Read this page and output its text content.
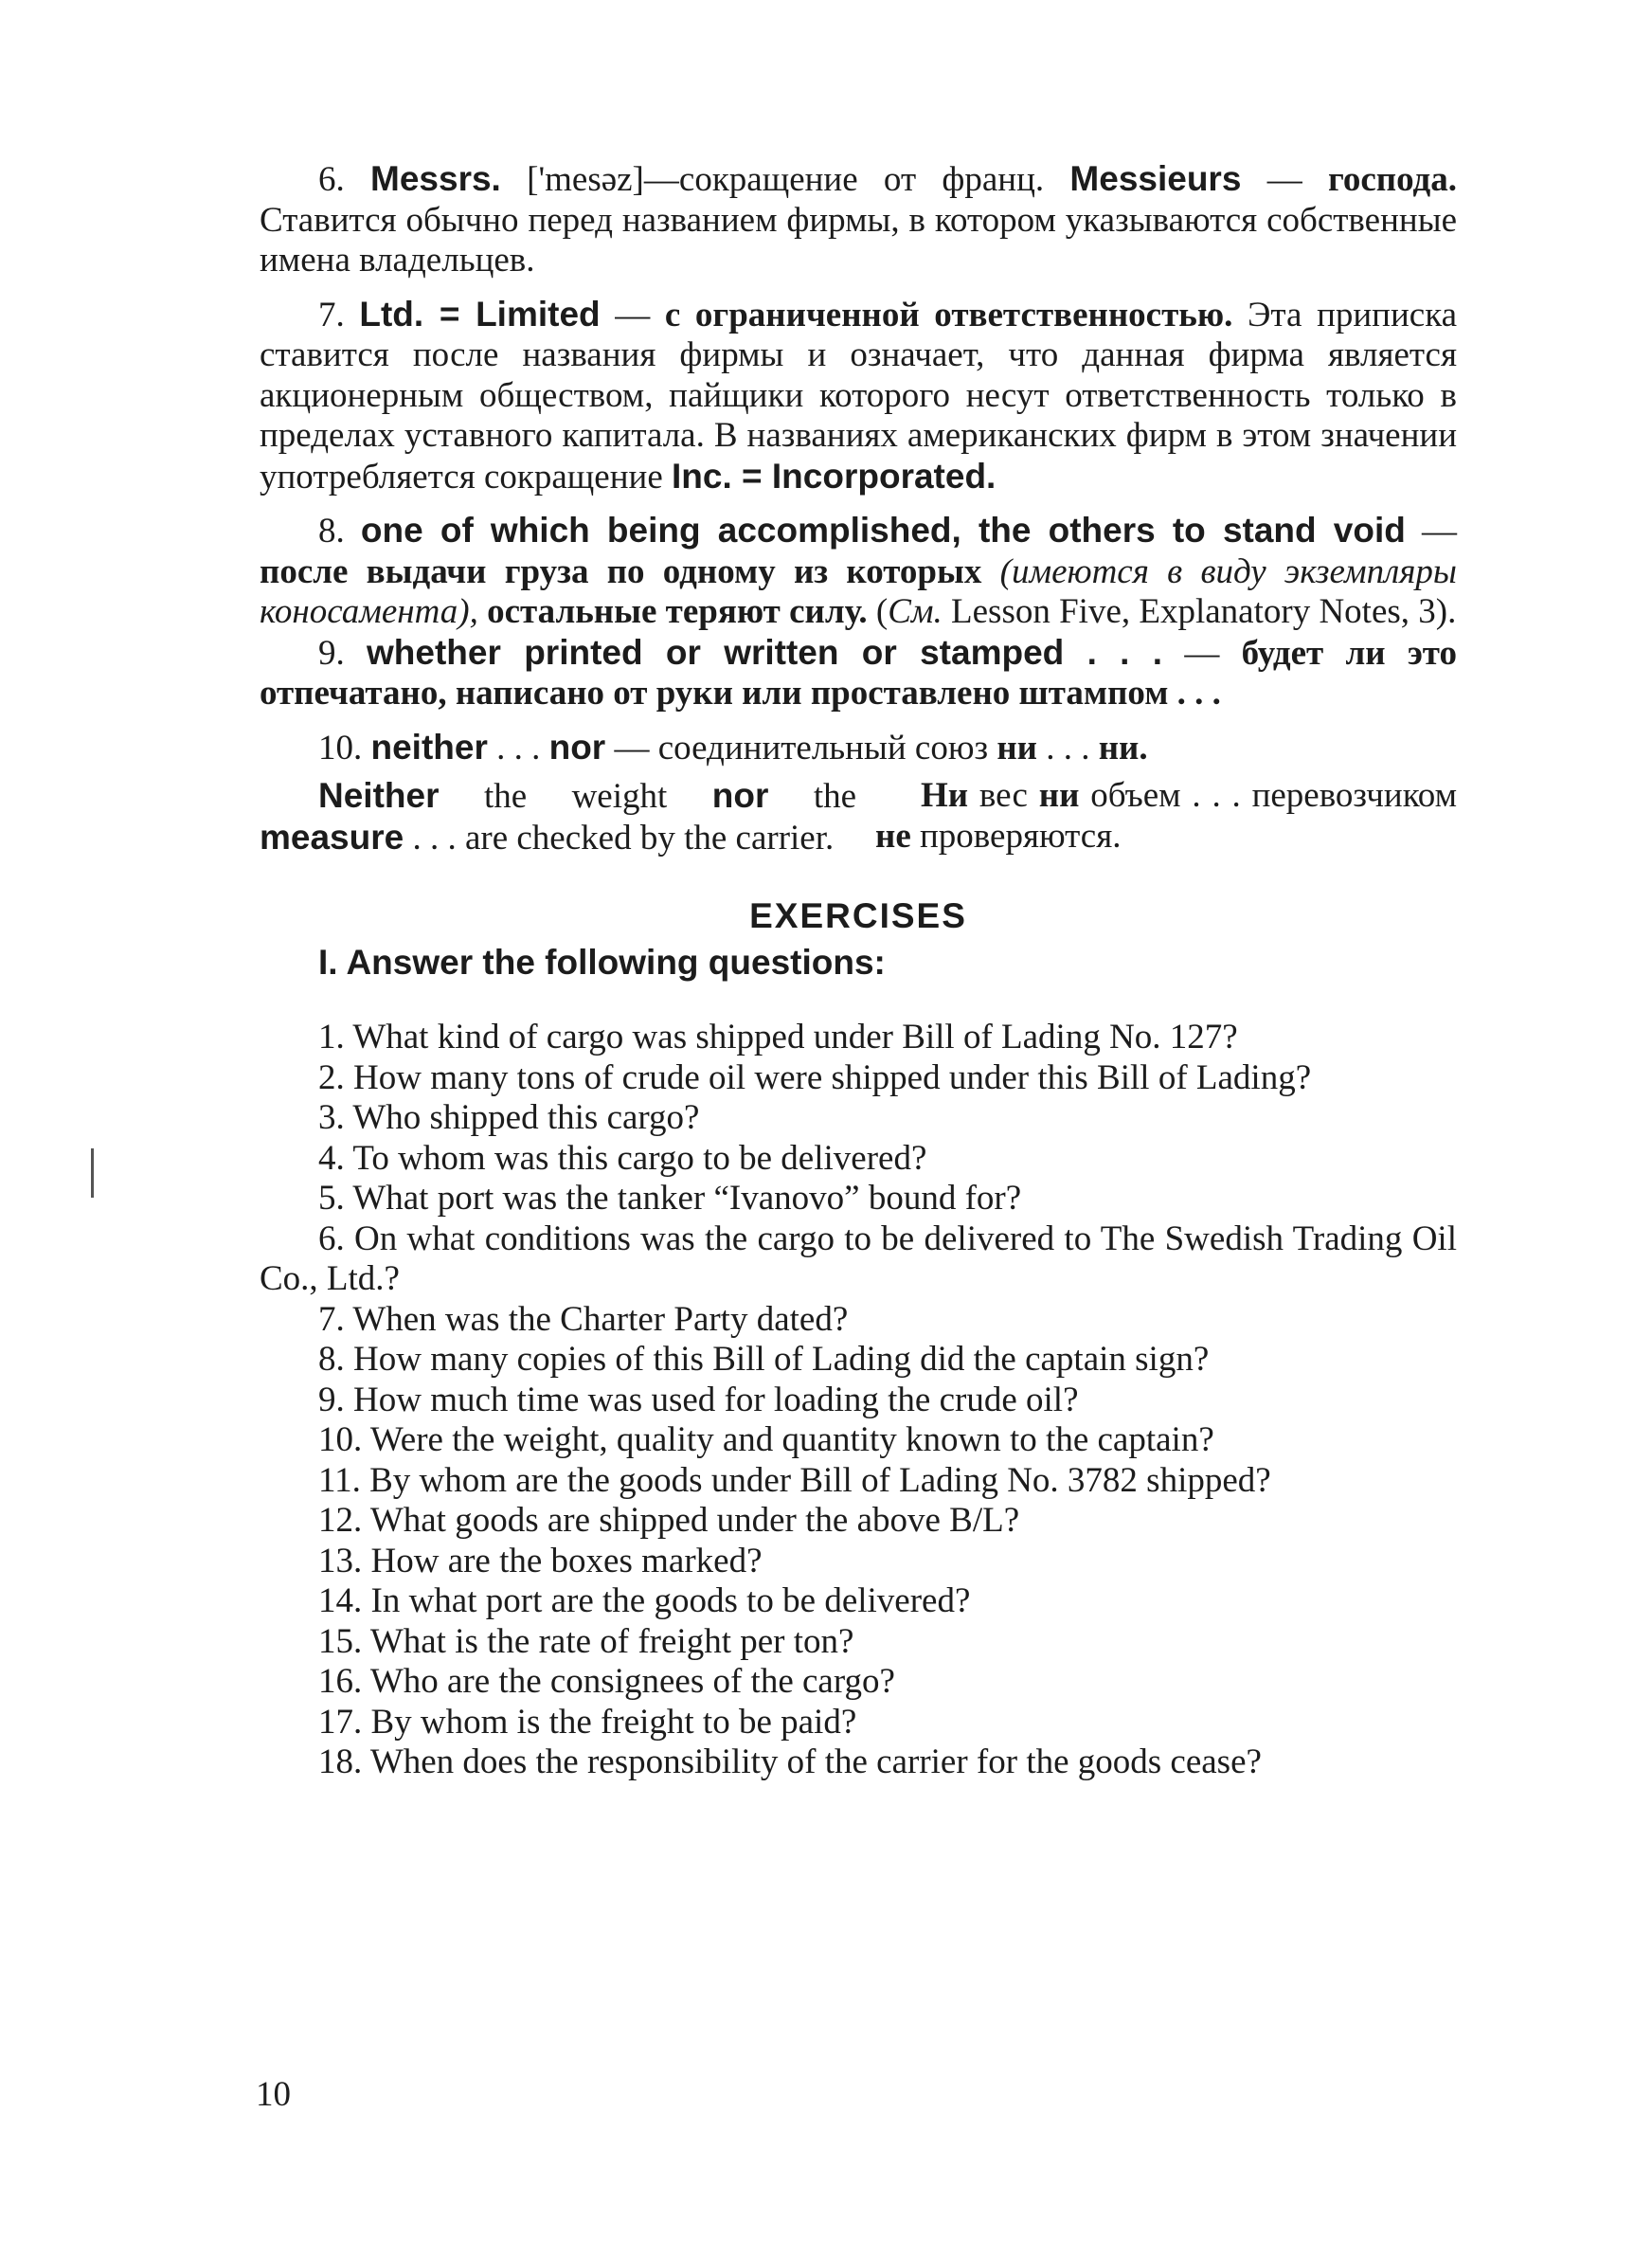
6. Messrs. ['mesəz]—сокращение от франц. Messieurs — господа. Ставится обычно перед названием фирмы, в котором указываются собственные имена владельцев.

7. Ltd. = Limited — с ограниченной ответственностью. Эта приписка ставится после названия фирмы и означает, что данная фирма является акционерным обществом, пайщики которого несут ответственность только в пределах уставного капитала. В названиях американских фирм в этом значении употребляется сокращение Inc. = Incorporated.

8. one of which being accomplished, the others to stand void — после выдачи груза по одному из которых (имеются в виду экземпляры коносамента), остальные теряют силу. (См. Lesson Five, Explanatory Notes, 3).

9. whether printed or written or stamped . . . — будет ли это отпечатано, написано от руки или проставлено штампом . . .

10. neither . . . nor — соединительный союз ни . . . ни.

Neither the weight nor the measure . . . are checked by the carrier.
Ни вес ни объем . . . перевозчиком не проверяются.
EXERCISES

I. Answer the following questions:

1. What kind of cargo was shipped under Bill of Lading No. 127?

2. How many tons of crude oil were shipped under this Bill of Lading?

3. Who shipped this cargo?

4. To whom was this cargo to be delivered?

5. What port was the tanker “Ivanovo” bound for?

6. On what conditions was the cargo to be delivered to The Swedish Trading Oil Co., Ltd.?

7. When was the Charter Party dated?

8. How many copies of this Bill of Lading did the captain sign?

9. How much time was used for loading the crude oil?

10. Were the weight, quality and quantity known to the captain?

11. By whom are the goods under Bill of Lading No. 3782 shipped?

12. What goods are shipped under the above B/L?

13. How are the boxes marked?

14. In what port are the goods to be delivered?

15. What is the rate of freight per ton?

16. Who are the consignees of the cargo?

17. By whom is the freight to be paid?

18. When does the responsibility of the carrier for the goods cease?

10
